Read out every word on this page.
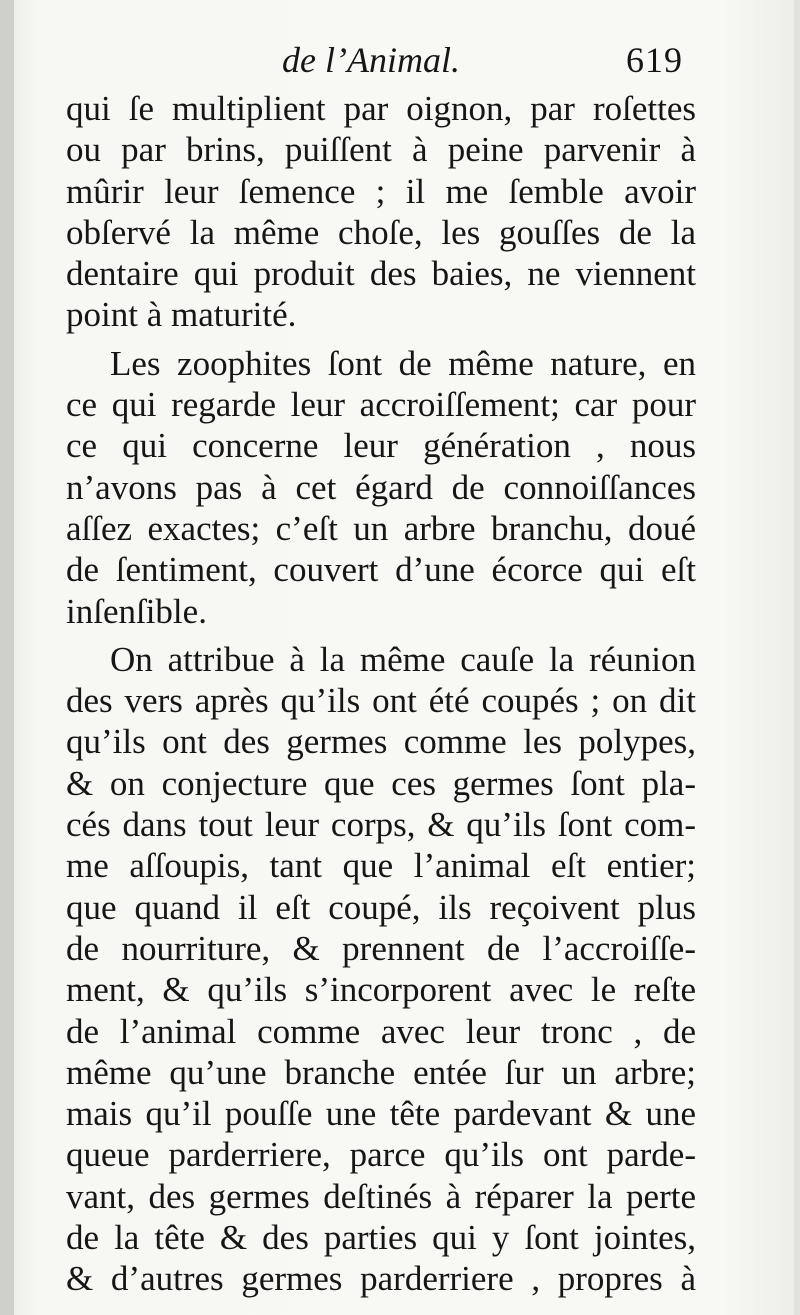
de l’Animal.	619
qui ſe multiplient par oignon, par roſettes
ou par brins, puiſſent à peine parvenir à
mûrir leur ſemence ; il me ſemble avoir
obſervé la même choſe, les gouſſes de la
dentaire qui produit des baies, ne viennent
point à maturité.
Les zoophites ſont de même nature, en
ce qui regarde leur accroiſſement; car pour
ce qui concerne leur génération , nous
n’avons pas à cet égard de connoiſſances
aſſez exactes; c’eſt un arbre branchu, doué
de ſentiment, couvert d’une écorce qui eſt
inſenſible.
On attribue à la même cauſe la réunion
des vers après qu’ils ont été coupés ; on dit
qu’ils ont des germes comme les polypes,
& on conjecture que ces germes ſont pla-
cés dans tout leur corps, & qu’ils ſont com-
me aſſoupis, tant que l’animal eſt entier;
que quand il eſt coupé, ils reçoivent plus
de nourriture, & prennent de l’accroiſſe-
ment, & qu’ils s’incorporent avec le reſte
de l’animal comme avec leur tronc , de
même qu’une branche entée ſur un arbre;
mais qu’il pouſſe une tête pardevant & une
queue parderriere, parce qu’ils ont parde-
vant, des germes deſtinés à réparer la perte
de la tête & des parties qui y ſont jointes,
& d’autres germes parderriere , propres à
